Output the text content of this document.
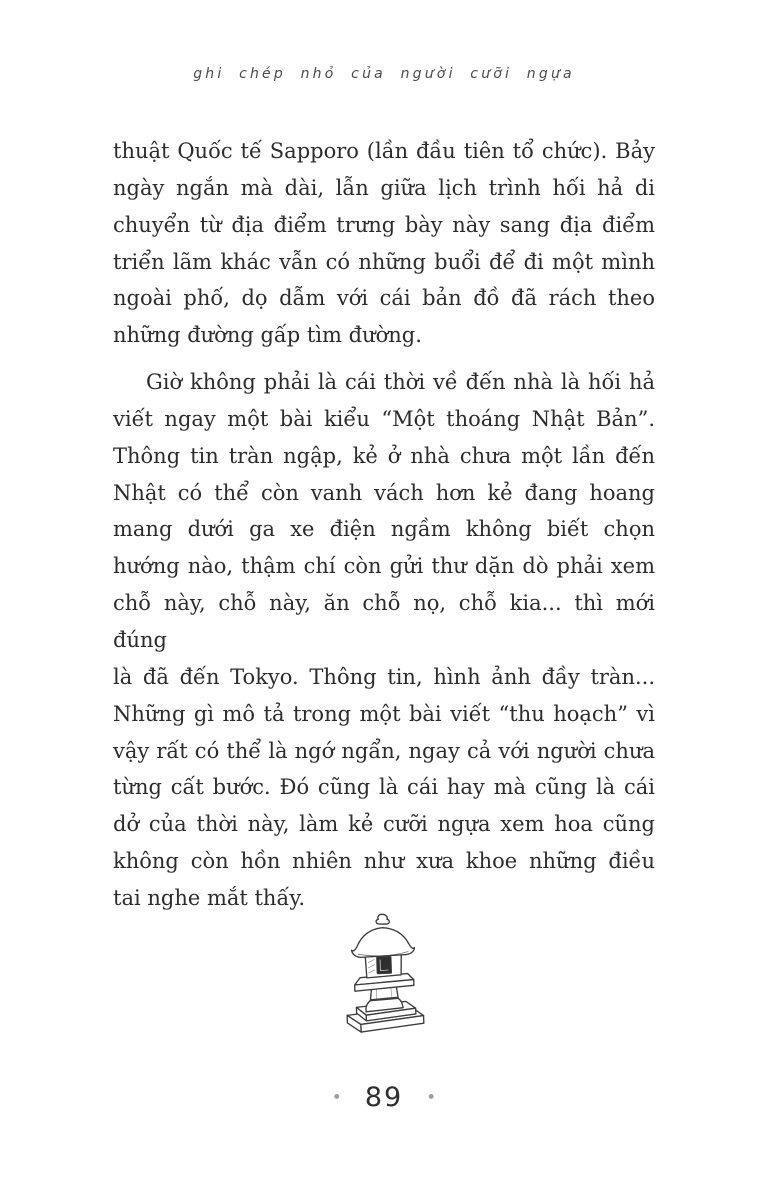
ghi chép nhỏ của người cưỡi ngựa
thuật Quốc tế Sapporo (lần đầu tiên tổ chức). Bảy
ngày ngắn mà dài, lẫn giữa lịch trình hối hả di
chuyển từ địa điểm trưng bày này sang địa điểm
triển lãm khác vẫn có những buổi để đi một mình
ngoài phố, dọ dẫm với cái bản đồ đã rách theo
những đường gấp tìm đường.
Giờ không phải là cái thời về đến nhà là hối hả
viết ngay một bài kiểu “Một thoáng Nhật Bản”.
Thông tin tràn ngập, kẻ ở nhà chưa một lần đến
Nhật có thể còn vanh vách hơn kẻ đang hoang
mang dưới ga xe điện ngầm không biết chọn
hướng nào, thậm chí còn gửi thư dặn dò phải xem
chỗ này, chỗ này, ăn chỗ nọ, chỗ kia... thì mới đúng
là đã đến Tokyo. Thông tin, hình ảnh đầy tràn...
Những gì mô tả trong một bài viết “thu hoạch” vì
vậy rất có thể là ngớ ngẩn, ngay cả với người chưa
từng cất bước. Đó cũng là cái hay mà cũng là cái
dở của thời này, làm kẻ cưỡi ngựa xem hoa cũng
không còn hồn nhiên như xưa khoe những điều
tai nghe mắt thấy.
• 89 •
